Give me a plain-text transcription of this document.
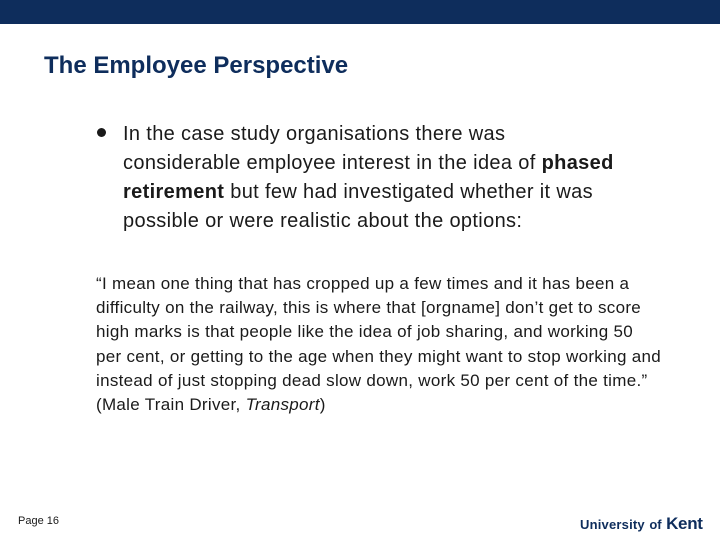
The Employee Perspective
In the case study organisations there was considerable employee interest in the idea of phased retirement but few had investigated whether it was possible or were realistic about the options:
“I mean one thing that has cropped up a few times and it has been a difficulty on the railway, this is where that [orgname] don’t get to score high marks is that people like the idea of job sharing, and working 50 per cent, or getting to the age when they might want to stop working and instead of just stopping dead slow down, work 50 per cent of the time.” (Male Train Driver, Transport)
Page 16	University of Kent
